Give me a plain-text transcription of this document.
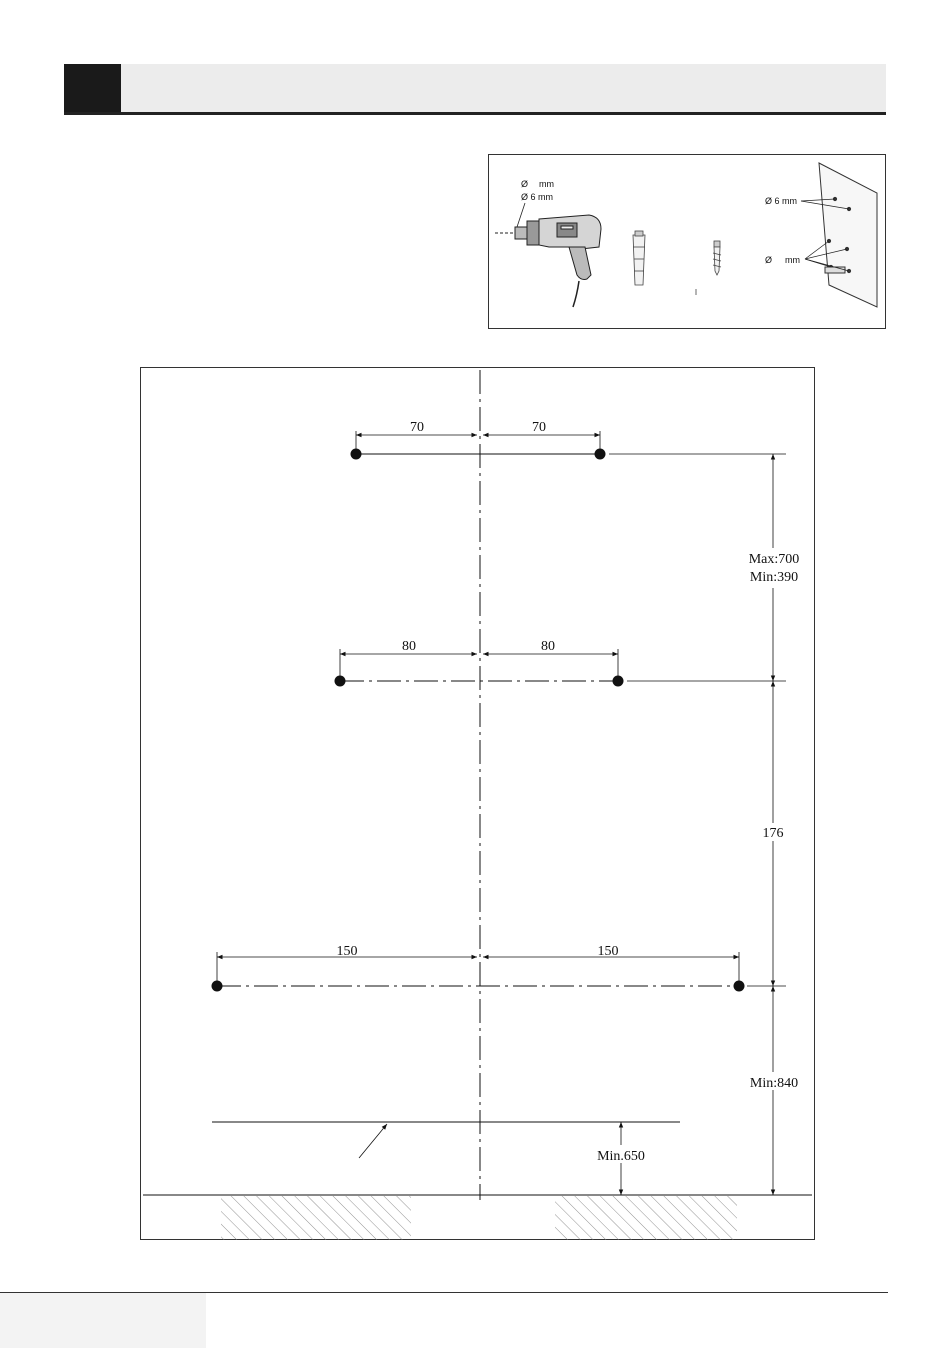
Ø mm
Ø 6 mm	Ø 6 mm
Ø mm
70	70
80	80
150	150
Max:700
Min:390
176
Min:840
Min.650
